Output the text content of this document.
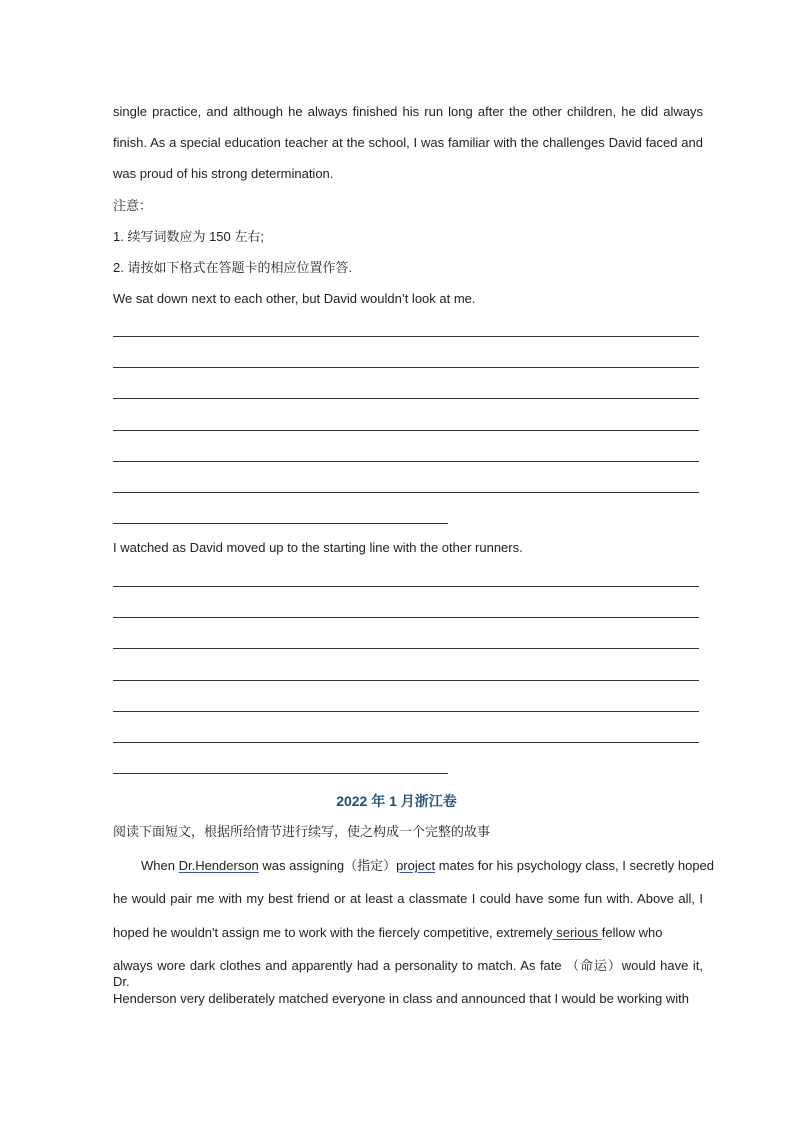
single practice, and although he always finished his run long after the other children, he did always
finish. As a special education teacher at the school, I was familiar with the challenges David faced and
was proud of his strong determination.
注意：
1. 续写词数应为 150 左右;
2. 请按如下格式在答题卡的相应位置作答.
We sat down next to each other, but David wouldn’t look at me.
I watched as David moved up to the starting line with the other runners.
2022 年 1 月浙江卷
阅读下面短文，根据所给情节进行续写，使之构成一个完整的故事
When Dr.Henderson was assigning（指定）project mates for his psychology class, I secretly hoped
he would pair me with my best friend or at least a classmate I could have some fun with. Above all, I
hoped he wouldn't assign me to work with the fiercely competitive, extremely serious fellow who
always wore dark clothes and apparently had a personality to match. As fate （命运）would have it, Dr.
Henderson very deliberately matched everyone in class and announced that I would be working with
